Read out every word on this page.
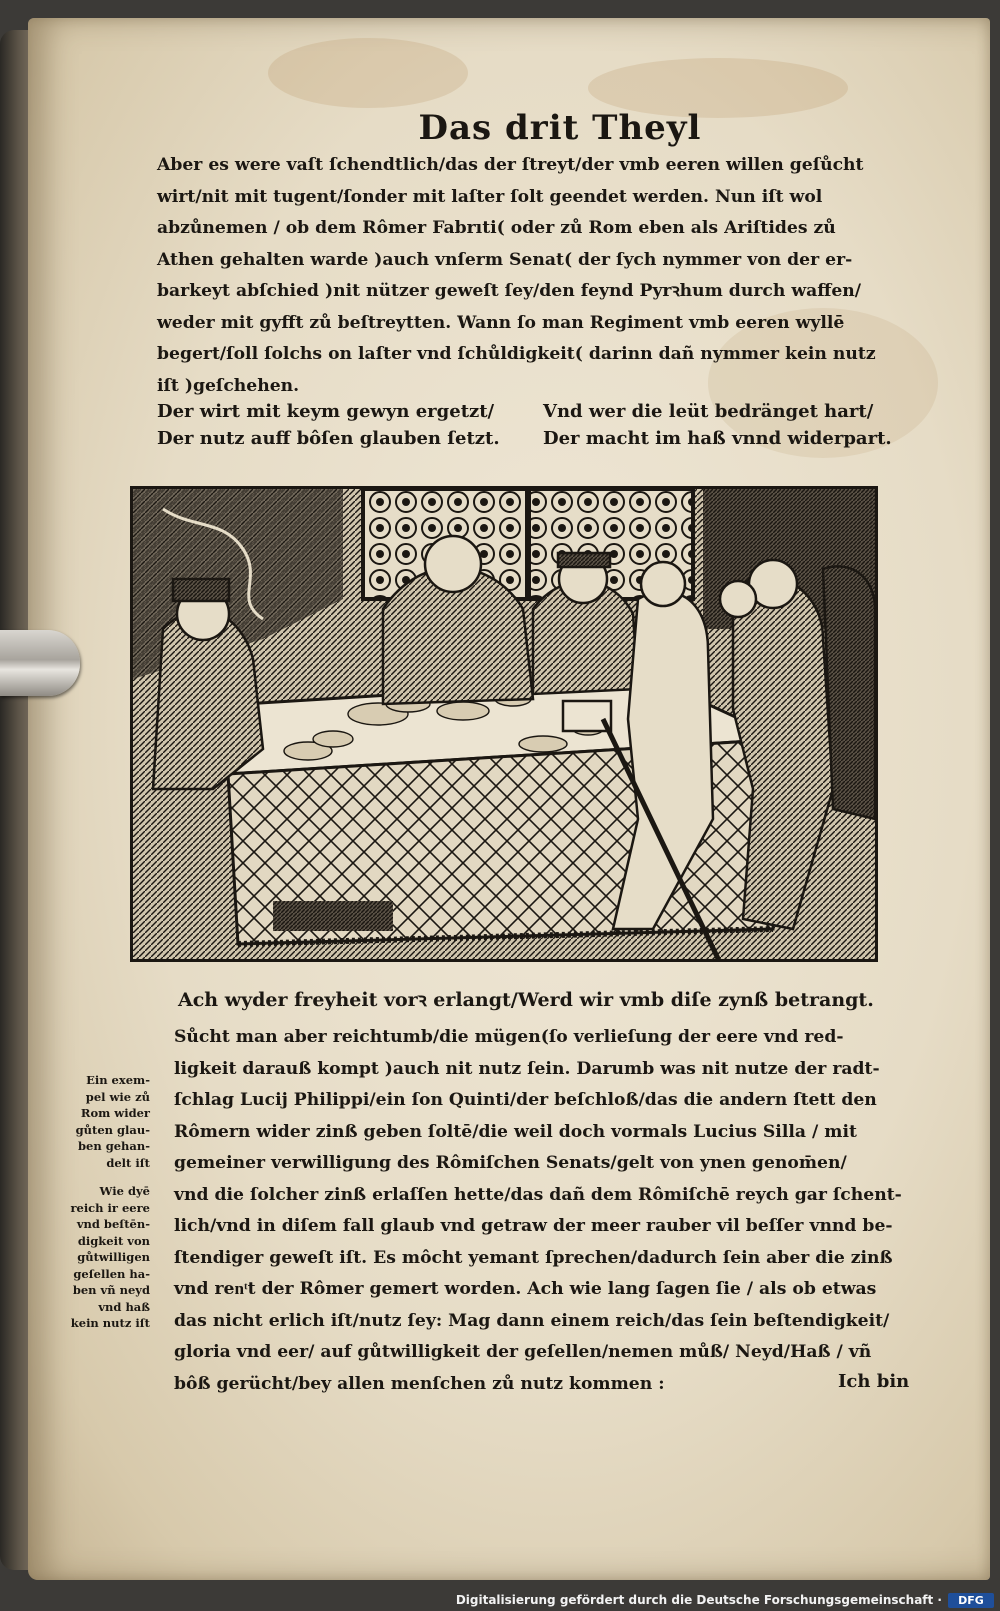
Das drit Theyl
Aber es were vaſt ſchendtlich/das der ſtreyt/der vmb eeren willen geſůcht
wirt/nit mit tugent/ſonder mit laſter ſolt geendet werden. Nun iſt wol
abzůnemen / ob dem Rômer Fabrıti( oder zů Rom eben als Ariſtides zů
Athen gehalten warde )auch vnſerm Senat( der ſych nymmer von der er-
barkeyt abſchied )nit nützer geweſt ſey/den feynd Pyrꝛhum durch waffen/
weder mit gyfft zů beſtreytten. Wann ſo man Regiment vmb eeren wyllē
begert/ſoll ſolchs on laſter vnd ſchůldigkeit( darinn dañ nymmer kein nutz
iſt )geſchehen.
Der wirt mit keym gewyn ergetzt/
Der nutz auff bôſen glauben ſetzt.
Vnd wer die leüt bedränget hart/
Der macht im haß vnnd widerpart.
Ach wyder freyheit vorꝛ erlangt/Werd wir vmb diſe zynß betrangt.
Sůcht man aber reichtumb/die mügen(ſo verlieſung der eere vnd red-
ligkeit darauß kompt )auch nit nutz ſein. Darumb was nit nutze der radt-
ſchlag Lucij Philippi/ein ſon Quinti/der beſchloß/das die andern ſtett den
Rômern wider zinß geben ſoltē/die weil doch vormals Lucius Silla / mit
gemeiner verwilligung des Rômiſchen Senats/gelt von ynen genom̄en/
vnd die ſolcher zinß erlaſſen hette/das dañ dem Rômiſchē reych gar ſchent-
lich/vnd in diſem fall glaub vnd getraw der meer rauber vil beſſer vnnd be-
ſtendiger geweſt iſt. Es môcht yemant ſprechen/dadurch ſein aber die zinß
vnd renͭt der Rômer gemert worden. Ach wie lang ſagen ſie / als ob etwas
das nicht erlich iſt/nutz ſey: Mag dann einem reich/das ſein beſtendigkeit/
gloria vnd eer/ auf gůtwilligkeit der geſellen/nemen můß/ Neyd/Haß / vñ
bôß gerücht/bey allen menſchen zů nutz kommen :
Ein exem-
pel wie zů
Rom wider
gůten glau-
ben gehan-
delt iſt
Wie dyē
reich ir eere
vnd beſtēn-
digkeit von
gůtwilligen
geſellen ha-
ben vñ neyd
vnd haß
kein nutz iſt
Ich bin
Digitalisierung gefördert durch die Deutsche Forschungsgemeinschaft ·	DFG
